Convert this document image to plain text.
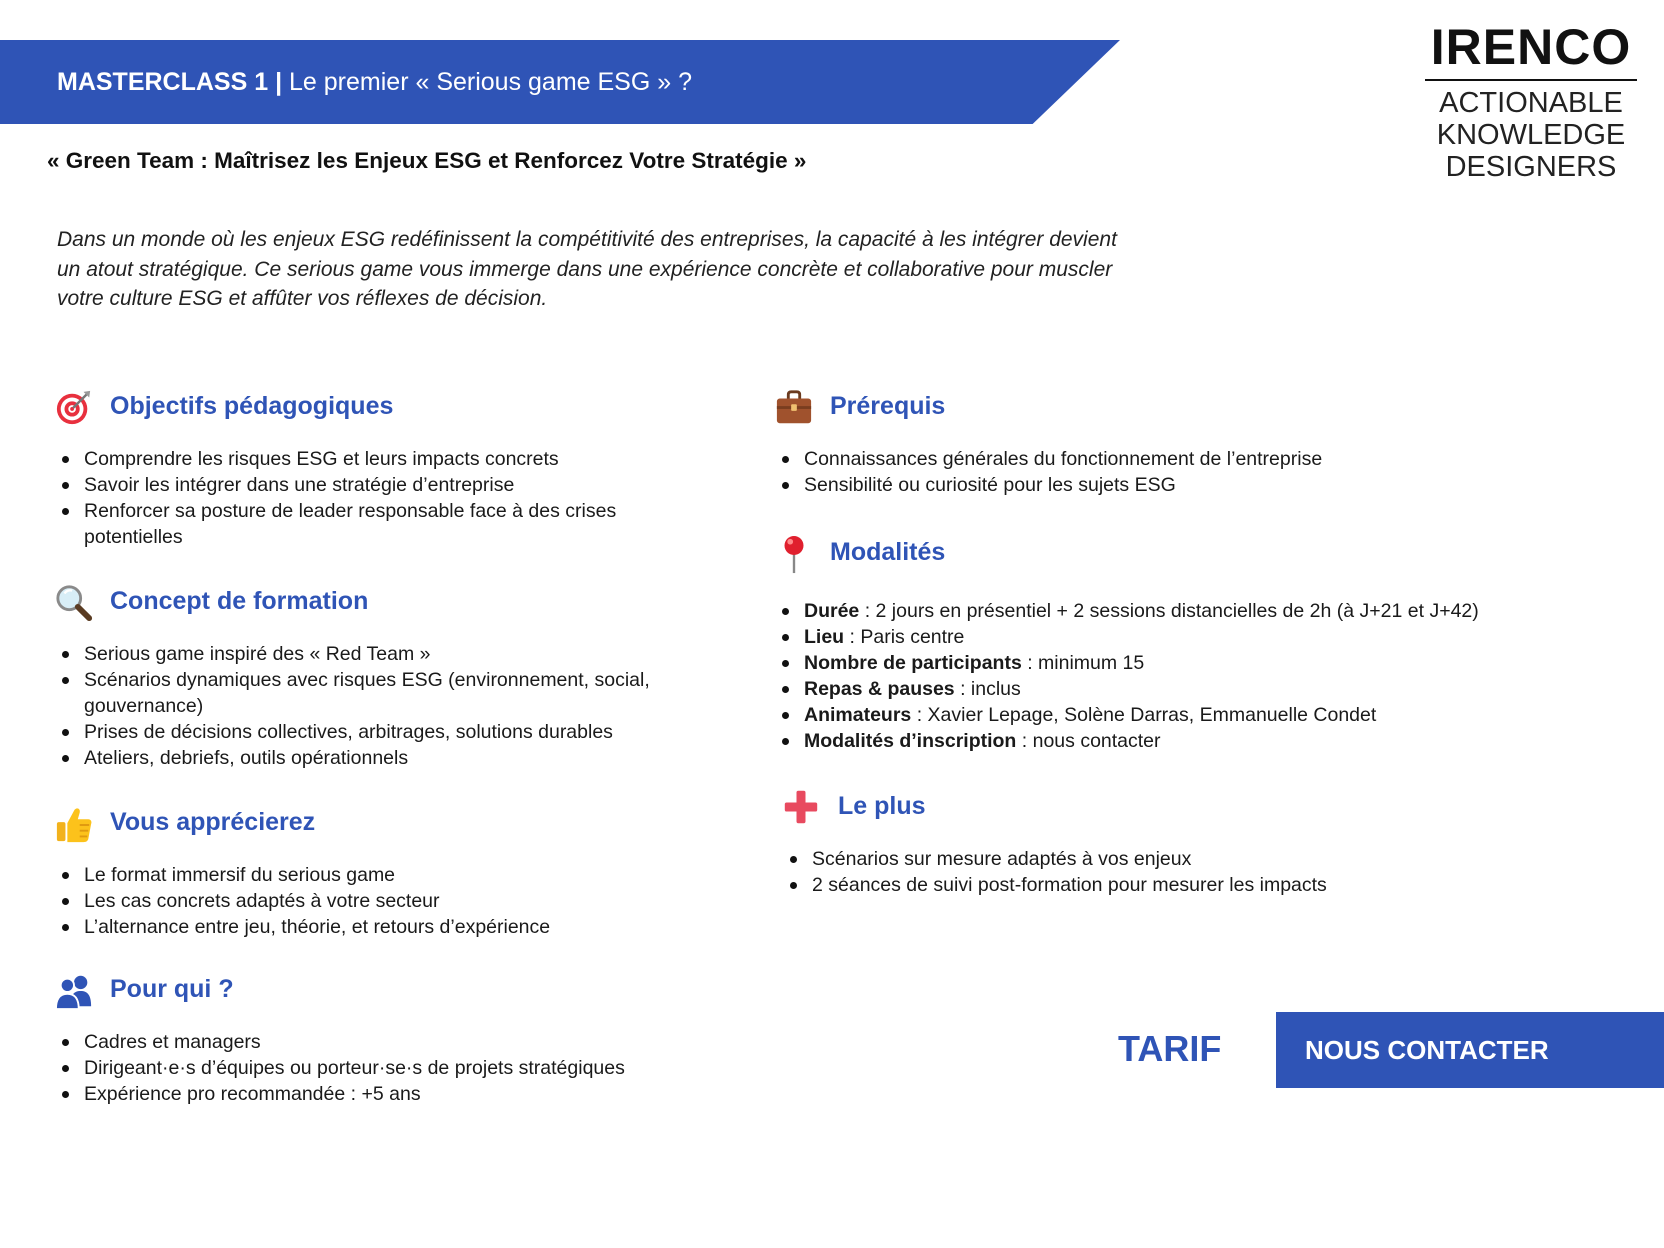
MASTERCLASS 1 | Le premier « Serious game ESG » ?
IRENCO
ACTIONABLE
KNOWLEDGE
DESIGNERS
« Green Team : Maîtrisez les Enjeux ESG et Renforcez Votre Stratégie »
Dans un monde où les enjeux ESG redéfinissent la compétitivité des entreprises, la capacité à les intégrer devient un atout stratégique. Ce serious game vous immerge dans une expérience concrète et collaborative pour muscler votre culture ESG et affûter vos réflexes de décision.
Objectifs pédagogiques
Comprendre les risques ESG et leurs impacts concrets
Savoir les intégrer dans une stratégie d’entreprise
Renforcer sa posture de leader responsable face à des crises potentielles
Concept de formation
Serious game inspiré des « Red Team »
Scénarios dynamiques avec risques ESG (environnement, social, gouvernance)
Prises de décisions collectives, arbitrages, solutions durables
Ateliers, debriefs, outils opérationnels
Vous apprécierez
Le format immersif du serious game
Les cas concrets adaptés à votre secteur
L’alternance entre jeu, théorie, et retours d’expérience
Pour qui ?
Cadres et managers
Dirigeant·e·s d’équipes ou porteur·se·s de projets stratégiques
Expérience pro recommandée : +5 ans
Prérequis
Connaissances générales du fonctionnement de l’entreprise
Sensibilité ou curiosité pour les sujets ESG
Modalités
Durée : 2 jours en présentiel + 2 sessions distancielles de 2h (à J+21 et J+42)
Lieu : Paris centre
Nombre de participants : minimum 15
Repas & pauses : inclus
Animateurs : Xavier Lepage, Solène Darras, Emmanuelle Condet
Modalités d’inscription : nous contacter
Le plus
Scénarios sur mesure adaptés à vos enjeux
2 séances de suivi post-formation pour mesurer les impacts
TARIF	NOUS CONTACTER
